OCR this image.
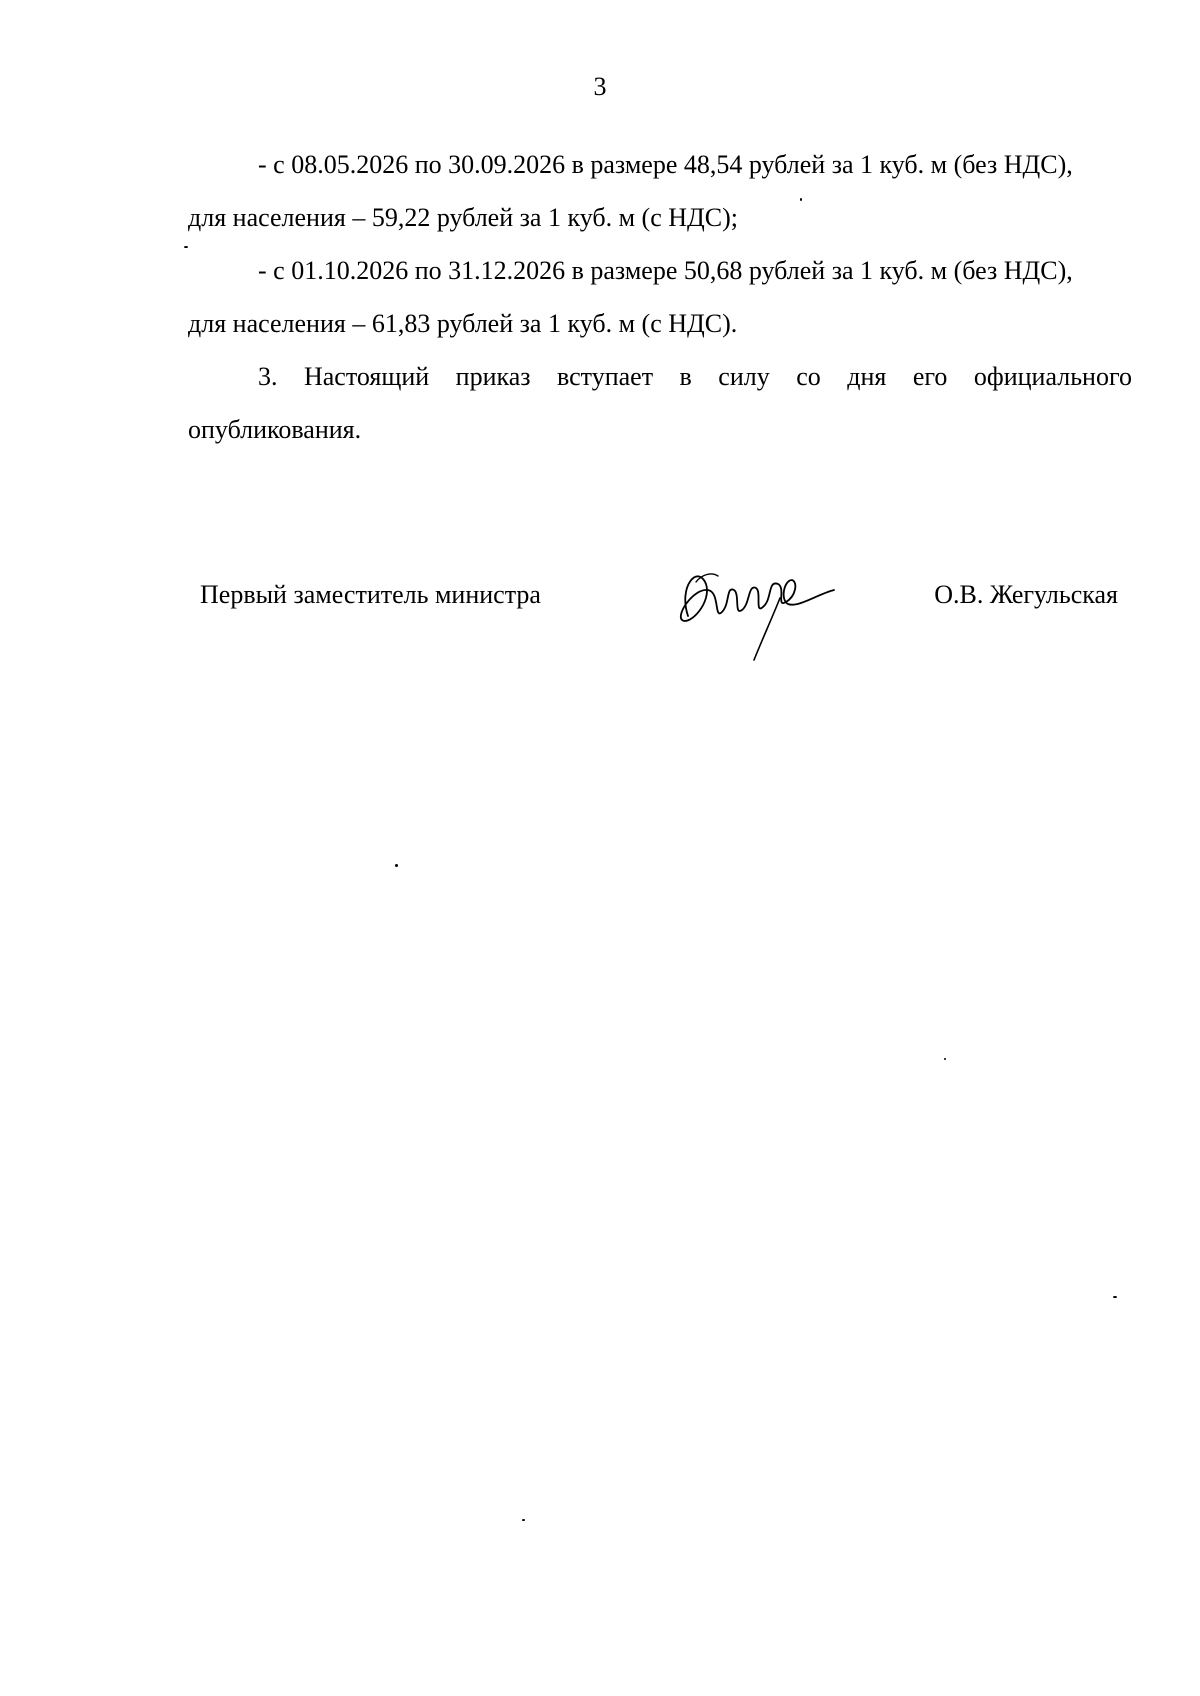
3
- с 08.05.2026 по 30.09.2026 в размере 48,54 рублей за 1 куб. м (без НДС),
для населения – 59,22 рублей за 1 куб. м (с НДС);
- с 01.10.2026 по 31.12.2026 в размере 50,68 рублей за 1 куб. м (без НДС),
для населения – 61,83 рублей за 1 куб. м (с НДС).
3. Настоящий приказ вступает в силу со дня его официального
опубликования.
Первый заместитель министра	О.В. Жегульская
